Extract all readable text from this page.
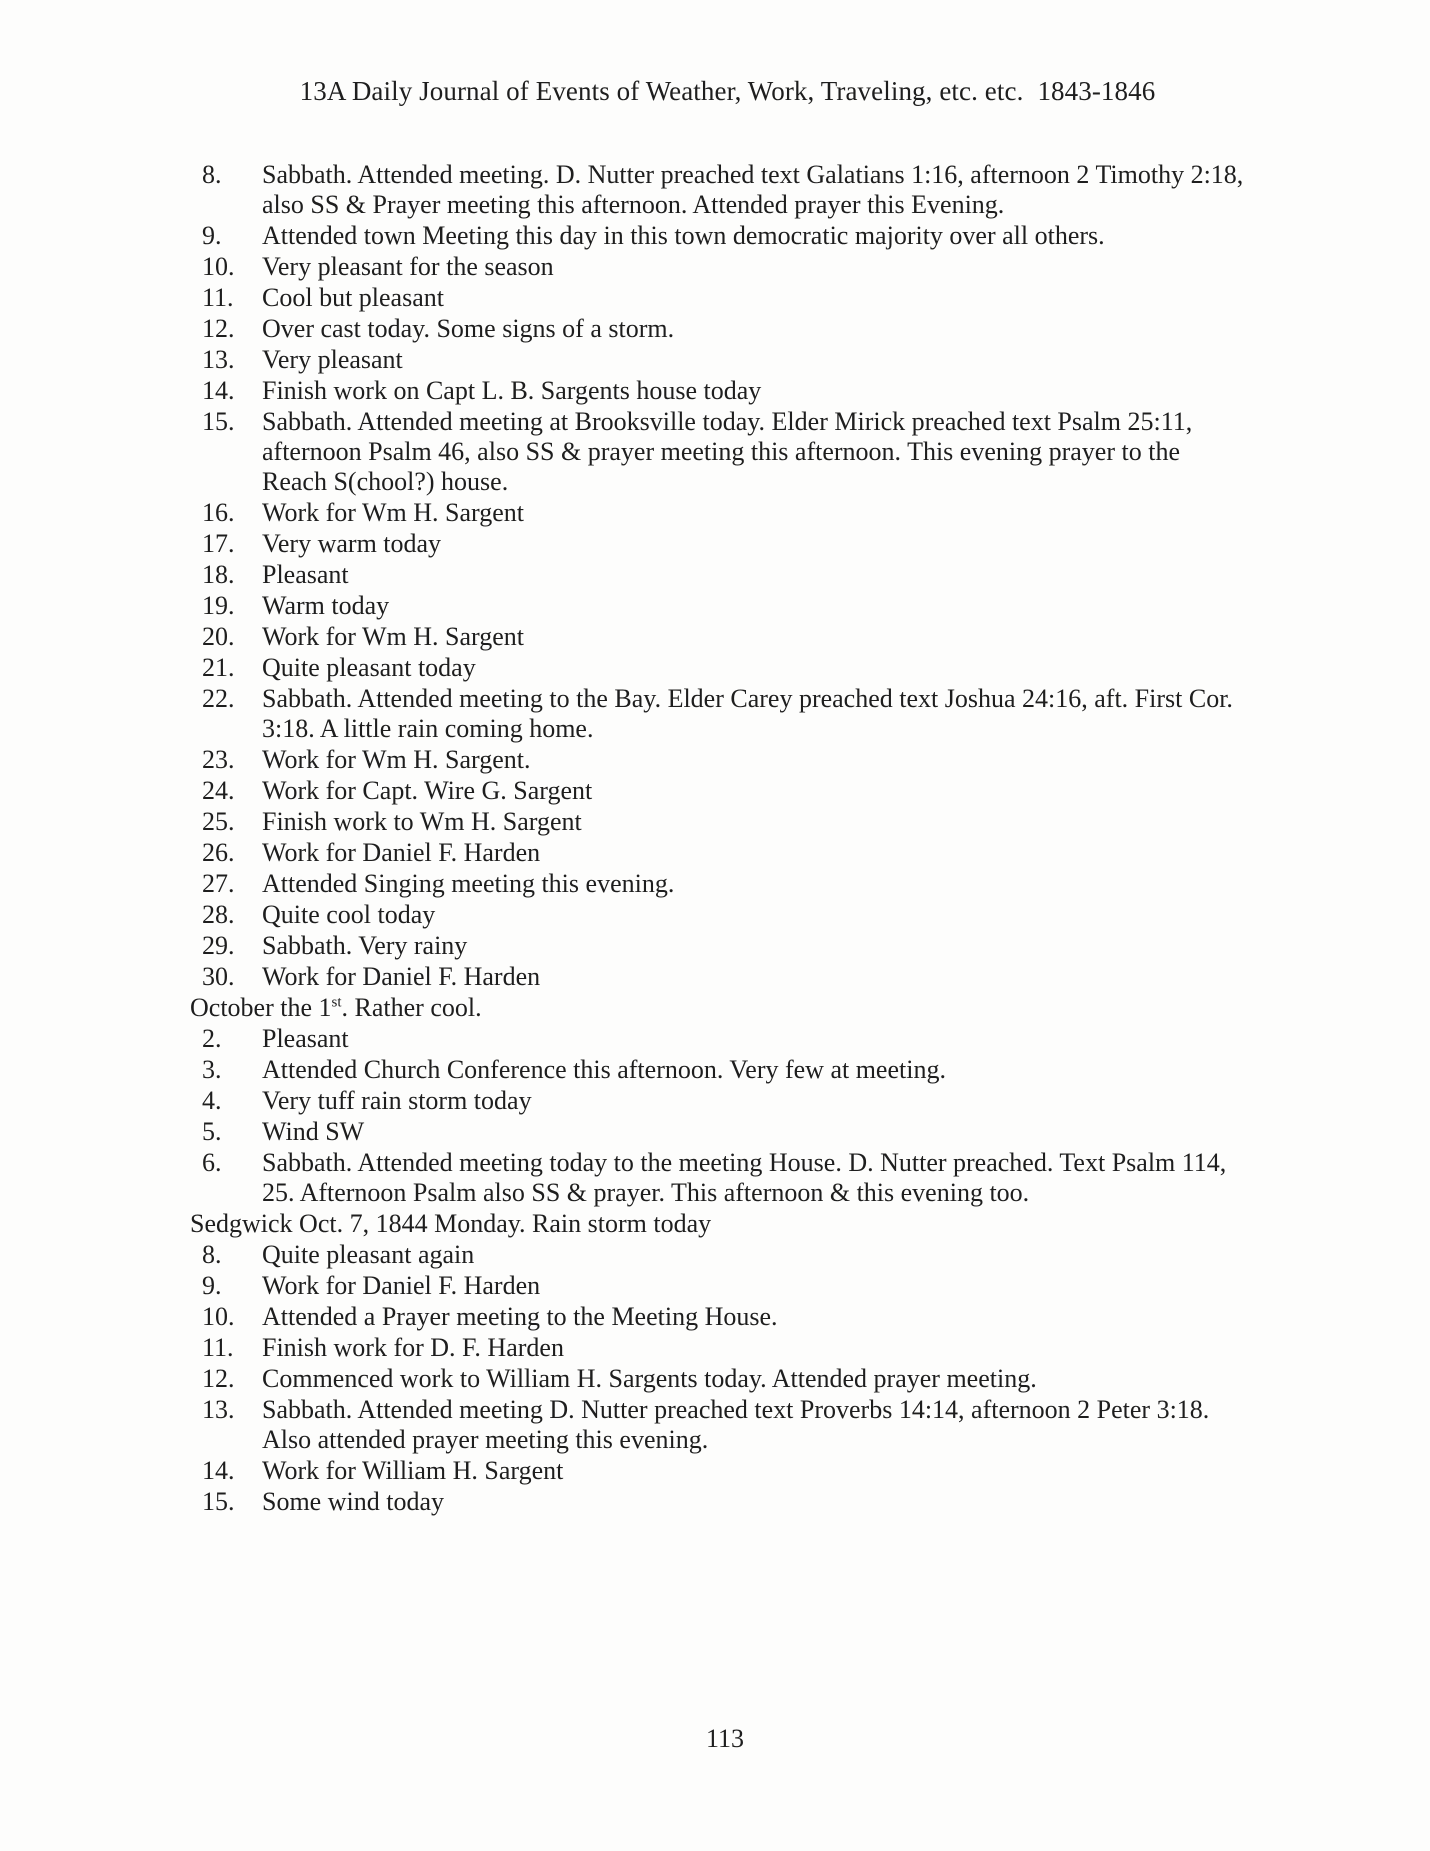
13A Daily Journal of Events of Weather, Work, Traveling, etc. etc. 1843-1846
8.	Sabbath. Attended meeting. D. Nutter preached text Galatians 1:16, afternoon 2 Timothy 2:18, also SS & Prayer meeting this afternoon. Attended prayer this Evening.
9.	Attended town Meeting this day in this town democratic majority over all others.
10.	Very pleasant for the season
11.	Cool but pleasant
12.	Over cast today. Some signs of a storm.
13.	Very pleasant
14.	Finish work on Capt L. B. Sargents house today
15.	Sabbath. Attended meeting at Brooksville today. Elder Mirick preached text Psalm 25:11, afternoon Psalm 46, also SS & prayer meeting this afternoon. This evening prayer to the Reach S(chool?) house.
16.	Work for Wm H. Sargent
17.	Very warm today
18.	Pleasant
19.	Warm today
20.	Work for Wm H. Sargent
21.	Quite pleasant today
22.	Sabbath. Attended meeting to the Bay. Elder Carey preached text Joshua 24:16, aft. First Cor. 3:18. A little rain coming home.
23.	Work for Wm H. Sargent.
24.	Work for Capt. Wire G. Sargent
25.	Finish work to Wm H. Sargent
26.	Work for Daniel F. Harden
27.	Attended Singing meeting this evening.
28.	Quite cool today
29.	Sabbath. Very rainy
30.	Work for Daniel F. Harden
October the 1st. Rather cool.
2.	Pleasant
3.	Attended Church Conference this afternoon. Very few at meeting.
4.	Very tuff rain storm today
5.	Wind SW
6.	Sabbath. Attended meeting today to the meeting House. D. Nutter preached. Text Psalm 114, 25. Afternoon Psalm also SS & prayer. This afternoon & this evening too.
Sedgwick Oct. 7, 1844 Monday. Rain storm today
8.	Quite pleasant again
9.	Work for Daniel F. Harden
10.	Attended a Prayer meeting to the Meeting House.
11.	Finish work for D. F. Harden
12.	Commenced work to William H. Sargents today. Attended prayer meeting.
13.	Sabbath. Attended meeting D. Nutter preached text Proverbs 14:14, afternoon 2 Peter 3:18. Also attended prayer meeting this evening.
14.	Work for William H. Sargent
15.	Some wind today
113
